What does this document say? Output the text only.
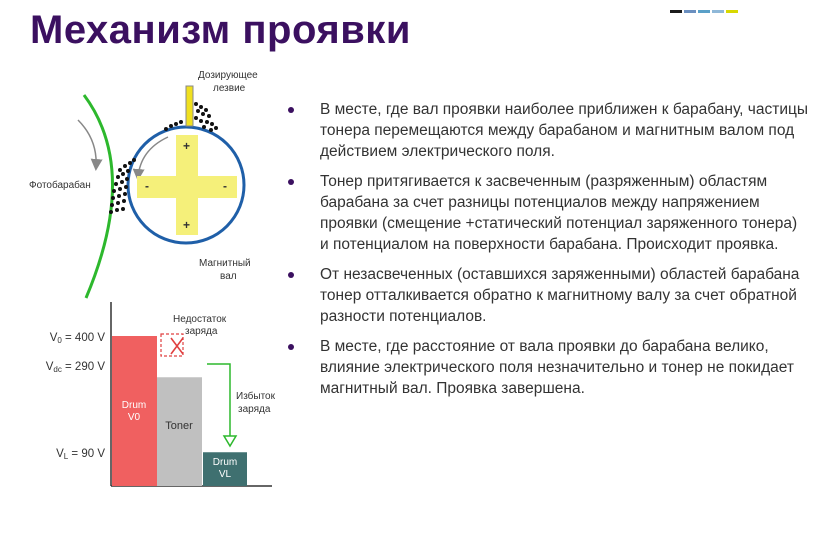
Механизм проявки
+
+
-	-
Дозирующее
лезвие
Фотобарабан
Магнитный
вал
Drum
V0
Toner
Drum
VL
V0 = 400 V
Vdc = 290 V
VL = 90 V
Недостаток
заряда
Избыток
заряда
В месте, где вал проявки наиболее приближен к барабану, частицы тонера перемещаются между барабаном и магнитным валом под действием электрического поля.
Тонер притягивается к засвеченным (разряженным) областям барабана за счет разницы потенциалов между напряжением проявки (смещение +статический потенциал заряженного тонера) и потенциалом на поверхности барабана. Происходит проявка.
От незасвеченных (оставшихся заряженными) областей барабана тонер отталкивается обратно к магнитному валу за счет обратной разности потенциалов.
В месте, где расстояние от вала проявки до барабана велико, влияние электрического поля незначительно и тонер не покидает магнитный вал. Проявка завершена.
